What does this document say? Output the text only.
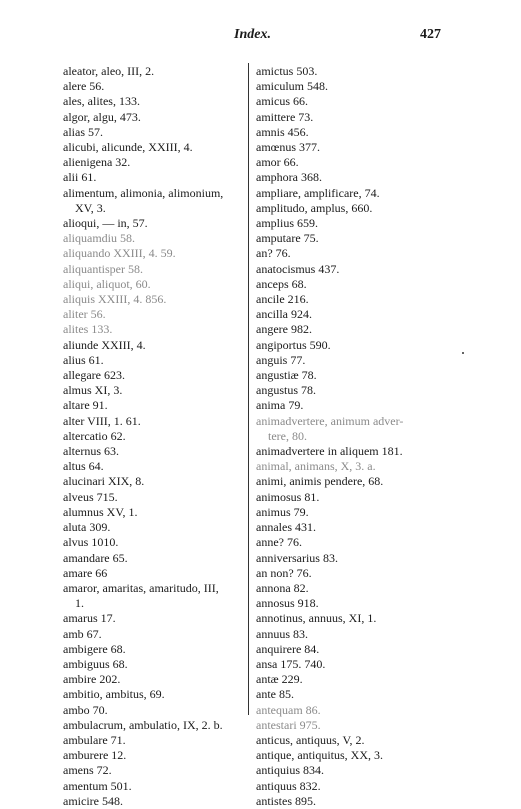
Index.	427
aleator, aleo, III, 2.
alere 56.
ales, alites, 133.
algor, algu, 473.
alias 57.
alicubi, alicunde, XXIII, 4.
alienigena 32.
alii 61.
alimentum, alimonia, alimonium,
XV, 3.
alioqui, — in, 57.
aliquamdiu 58.
aliquando XXIII, 4. 59.
aliquantisper 58.
aliqui, aliquot, 60.
aliquis XXIII, 4. 856.
aliter 56.
alites 133.
aliunde XXIII, 4.
alius 61.
allegare 623.
almus XI, 3.
altare 91.
alter VIII, 1. 61.
altercatio 62.
alternus 63.
altus 64.
alucinari XIX, 8.
alveus 715.
alumnus XV, 1.
aluta 309.
alvus 1010.
amandare 65.
amare 66
amaror, amaritas, amaritudo, III,
1.
amarus 17.
amb 67.
ambigere 68.
ambiguus 68.
ambire 202.
ambitio, ambitus, 69.
ambo 70.
ambulacrum, ambulatio, IX, 2. b.
ambulare 71.
amburere 12.
amens 72.
amentum 501.
amicire 548.
amictus 503.
amiculum 548.
amicus 66.
amittere 73.
amnis 456.
amœnus 377.
amor 66.
amphora 368.
ampliare, amplificare, 74.
amplitudo, amplus, 660.
amplius 659.
amputare 75.
an? 76.
anatocismus 437.
anceps 68.
ancile 216.
ancilla 924.
angere 982.
angiportus 590.
anguis 77.
angustiæ 78.
angustus 78.
anima 79.
animadvertere, animum adver-
tere, 80.
animadvertere in aliquem 181.
animal, animans, X, 3. a.
animi, animis pendere, 68.
animosus 81.
animus 79.
annales 431.
anne? 76.
anniversarius 83.
an non? 76.
annona 82.
annosus 918.
annotinus, annuus, XI, 1.
annuus 83.
anquirere 84.
ansa 175. 740.
antæ 229.
ante 85.
antequam 86.
antestari 975.
anticus, antiquus, V, 2.
antique, antiquitus, XX, 3.
antiquius 834.
antiquus 832.
antistes 895.
